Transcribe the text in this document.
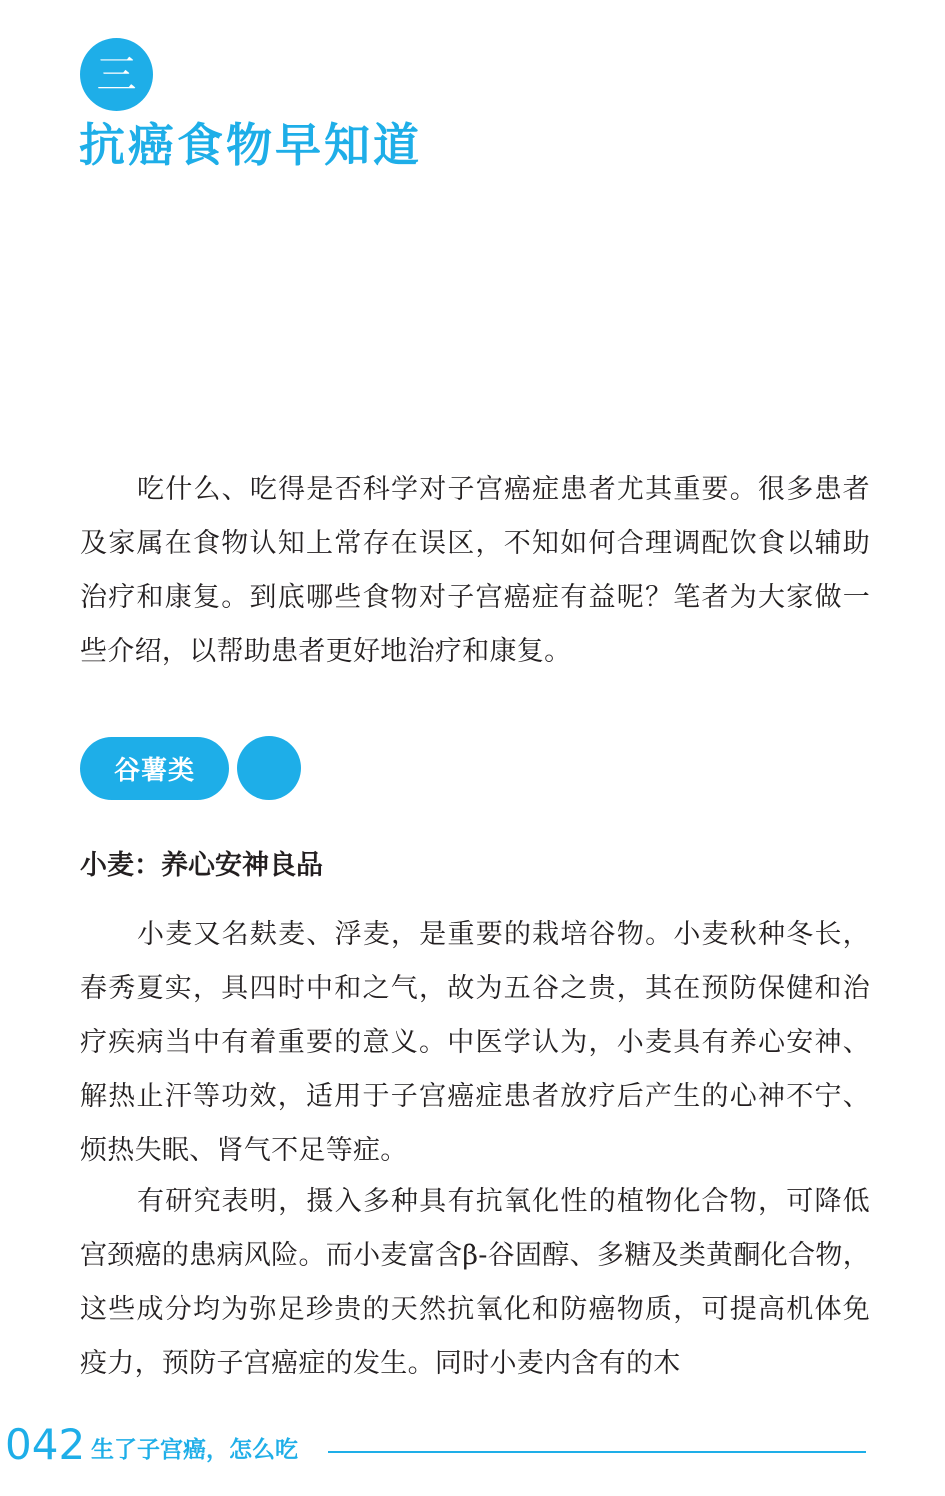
三
抗癌食物早知道

吃什么、吃得是否科学对子宫癌症患者尤其重要。很多患者及家属在食物认知上常存在误区，不知如何合理调配饮食以辅助治疗和康复。到底哪些食物对子宫癌症有益呢？笔者为大家做一些介绍，以帮助患者更好地治疗和康复。

谷薯类
小麦：养心安神良品

小麦又名麸麦、浮麦，是重要的栽培谷物。小麦秋种冬长，春秀夏实，具四时中和之气，故为五谷之贵，其在预防保健和治疗疾病当中有着重要的意义。中医学认为，小麦具有养心安神、解热止汗等功效，适用于子宫癌症患者放疗后产生的心神不宁、烦热失眠、肾气不足等症。

有研究表明，摄入多种具有抗氧化性的植物化合物，可降低宫颈癌的患病风险。而小麦富含β-谷固醇、多糖及类黄酮化合物，这些成分均为弥足珍贵的天然抗氧化和防癌物质，可提高机体免疫力，预防子宫癌症的发生。同时小麦内含有的木

042 生了子宫癌，怎么吃
